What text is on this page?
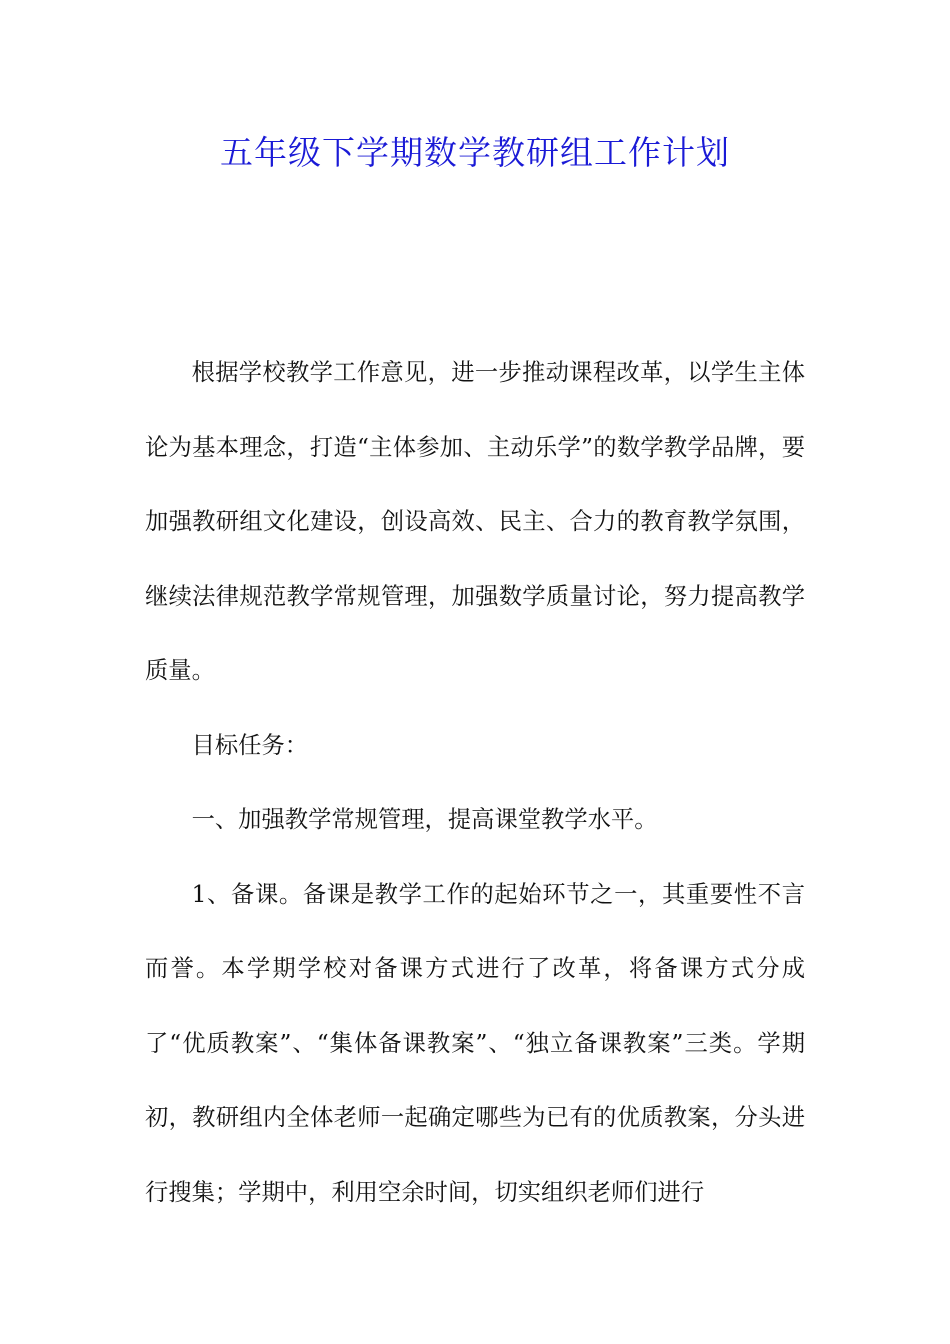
五年级下学期数学教研组工作计划

根据学校教学工作意见，进一步推动课程改革，以学生主体论为基本理念，打造“主体参加、主动乐学”的数学教学品牌，要加强教研组文化建设，创设高效、民主、合力的教育教学氛围，继续法律规范教学常规管理，加强数学质量讨论，努力提高教学质量。

目标任务：

一、加强教学常规管理，提高课堂教学水平。

1、备课。备课是教学工作的起始环节之一，其重要性不言而誉。本学期学校对备课方式进行了改革，将备课方式分成了“优质教案”、“集体备课教案”、“独立备课教案”三类。学期初，教研组内全体老师一起确定哪些为已有的优质教案，分头进行搜集；学期中，利用空余时间，切实组织老师们进行
